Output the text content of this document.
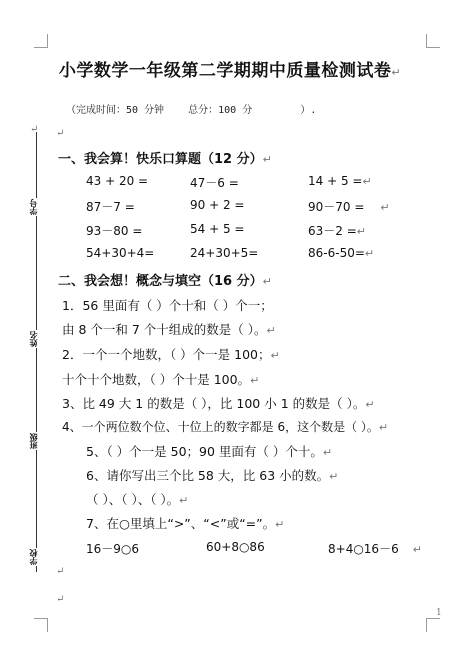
小学数学一年级第二学期期中质量检测试卷↵
（完成时间：50 分钟    总分：100 分        ）.
学号
姓名
班级
学校
↵ ↵
一、我会算！快乐口算题（12 分）↵
43 + 20 =	47－6 =	14 + 5 =↵
87－7 =	90 + 2 =	90－70 = ↵
93－80 =	54 + 5 =	63－2 =↵
54+30+4=	24+30+5=	86-6-50=↵
二、我会想！概念与填空（16 分）↵
1．56 里面有（ ）个十和（ ）个一；
由 8 个一和 7 个十组成的数是（ ）。↵
2．一个一个地数，（ ）个一是 100；↵
十个十个地数，（ ）个十是 100。↵
3、比 49 大 1 的数是（ ），比 100 小 1 的数是（ ）。↵
4、一个两位数个位、十位上的数字都是 6，这个数是（ ）。↵
5、（ ）个一是 50；90 里面有（ ）个十。↵
6、请你写出三个比 58 大，比 63 小的数。↵
（ ）、（ ）、（ ）。↵
7、在○里填上“>”、“<”或“=”。↵
16－9○6	60+8○86	8+4○16－6 ↵
↵
↵
1
